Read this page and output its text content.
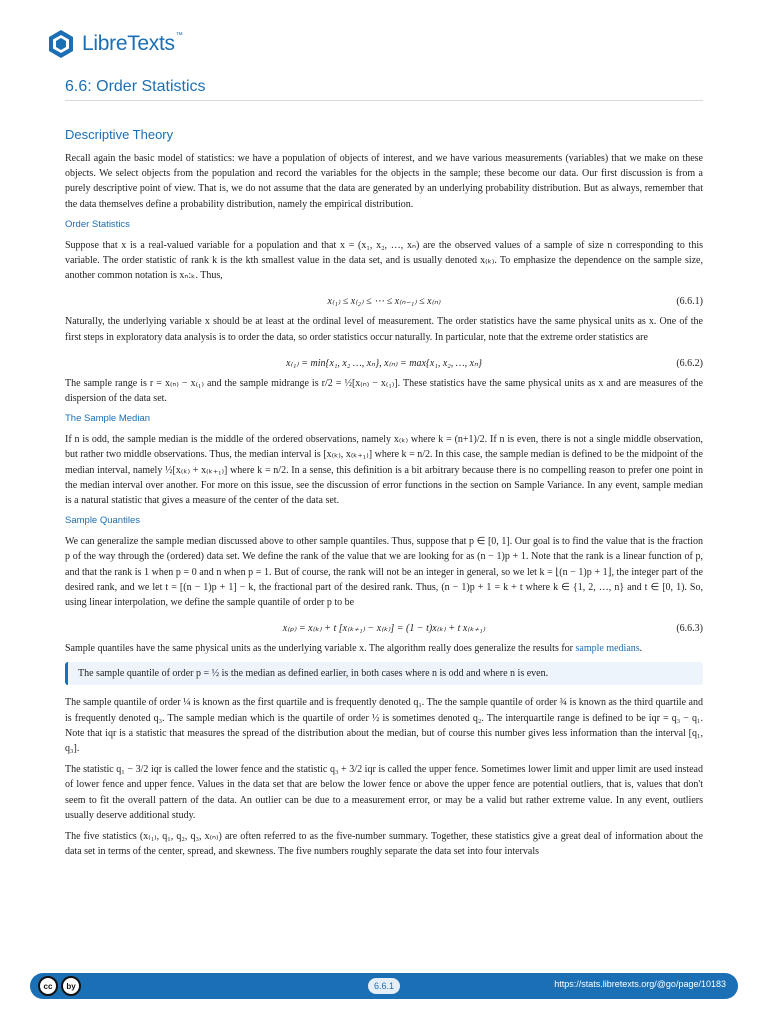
LibreTexts™
6.6: Order Statistics
Descriptive Theory

Recall again the basic model of statistics: we have a population of objects of interest, and we have various measurements (variables) that we make on these objects. We select objects from the population and record the variables for the objects in the sample; these become our data. Our first discussion is from a purely descriptive point of view. That is, we do not assume that the data are generated by an underlying probability distribution. But as always, remember that the data themselves define a probability distribution, namely the empirical distribution.

Order Statistics

Suppose that x is a real-valued variable for a population and that x = (x₁, x₂, …, xₙ) are the observed values of a sample of size n corresponding to this variable. The order statistic of rank k is the kth smallest value in the data set, and is usually denoted x₍ₖ₎. To emphasize the dependence on the sample size, another common notation is xₙ:ₖ. Thus,

x₍₁₎ ≤ x₍₂₎ ≤ ⋯ ≤ x₍ₙ₋₁₎ ≤ x₍ₙ₎	(6.6.1)

Naturally, the underlying variable x should be at least at the ordinal level of measurement. The order statistics have the same physical units as x. One of the first steps in exploratory data analysis is to order the data, so order statistics occur naturally. In particular, note that the extreme order statistics are

x₍₁₎ = min{x₁, x₂ …, xₙ}, x₍ₙ₎ = max{x₁, x₂, …, xₙ}	(6.6.2)

The sample range is r = x₍ₙ₎ − x₍₁₎ and the sample midrange is r/2 = ½[x₍ₙ₎ − x₍₁₎]. These statistics have the same physical units as x and are measures of the dispersion of the data set.

The Sample Median

If n is odd, the sample median is the middle of the ordered observations, namely x₍ₖ₎ where k = (n+1)/2. If n is even, there is not a single middle observation, but rather two middle observations. Thus, the median interval is [x₍ₖ₎, x₍ₖ₊₁₎] where k = n/2. In this case, the sample median is defined to be the midpoint of the median interval, namely ½[x₍ₖ₎ + x₍ₖ₊₁₎] where k = n/2. In a sense, this definition is a bit arbitrary because there is no compelling reason to prefer one point in the median interval over another. For more on this issue, see the discussion of error functions in the section on Sample Variance. In any event, sample median is a natural statistic that gives a measure of the center of the data set.

Sample Quantiles

We can generalize the sample median discussed above to other sample quantiles. Thus, suppose that p ∈ [0, 1]. Our goal is to find the value that is the fraction p of the way through the (ordered) data set. We define the rank of the value that we are looking for as (n − 1)p + 1. Note that the rank is a linear function of p, and that the rank is 1 when p = 0 and n when p = 1. But of course, the rank will not be an integer in general, so we let k = ⌊(n − 1)p + 1⌋, the integer part of the desired rank, and we let t = [(n − 1)p + 1] − k, the fractional part of the desired rank. Thus, (n − 1)p + 1 = k + t where k ∈ {1, 2, …, n} and t ∈ [0, 1). So, using linear interpolation, we define the sample quantile of order p to be

x₍ₚ₎ = x₍ₖ₎ + t [x₍ₖ₊₁₎ − x₍ₖ₎] = (1 − t)x₍ₖ₎ + t x₍ₖ₊₁₎	(6.6.3)

Sample quantiles have the same physical units as the underlying variable x. The algorithm really does generalize the results for sample medians.

The sample quantile of order p = ½ is the median as defined earlier, in both cases where n is odd and where n is even.

The sample quantile of order ¼ is known as the first quartile and is frequently denoted q₁. The the sample quantile of order ¾ is known as the third quartile and is frequently denoted q₃. The sample median which is the quartile of order ½ is sometimes denoted q₂. The interquartile range is defined to be iqr = q₃ − q₁. Note that iqr is a statistic that measures the spread of the distribution about the median, but of course this number gives less information than the interval [q₁, q₃].

The statistic q₁ − 3/2 iqr is called the lower fence and the statistic q₃ + 3/2 iqr is called the upper fence. Sometimes lower limit and upper limit are used instead of lower fence and upper fence. Values in the data set that are below the lower fence or above the upper fence are potential outliers, that is, values that don't seem to fit the overall pattern of the data. An outlier can be due to a measurement error, or may be a valid but rather extreme value. In any event, outliers usually deserve additional study.

The five statistics (x₍₁₎, q₁, q₂, q₃, x₍ₙ₎) are often referred to as the five-number summary. Together, these statistics give a great deal of information about the data set in terms of the center, spread, and skewness. The five numbers roughly separate the data set into four intervals

cc	by	6.6.1	https://stats.libretexts.org/@go/page/10183
